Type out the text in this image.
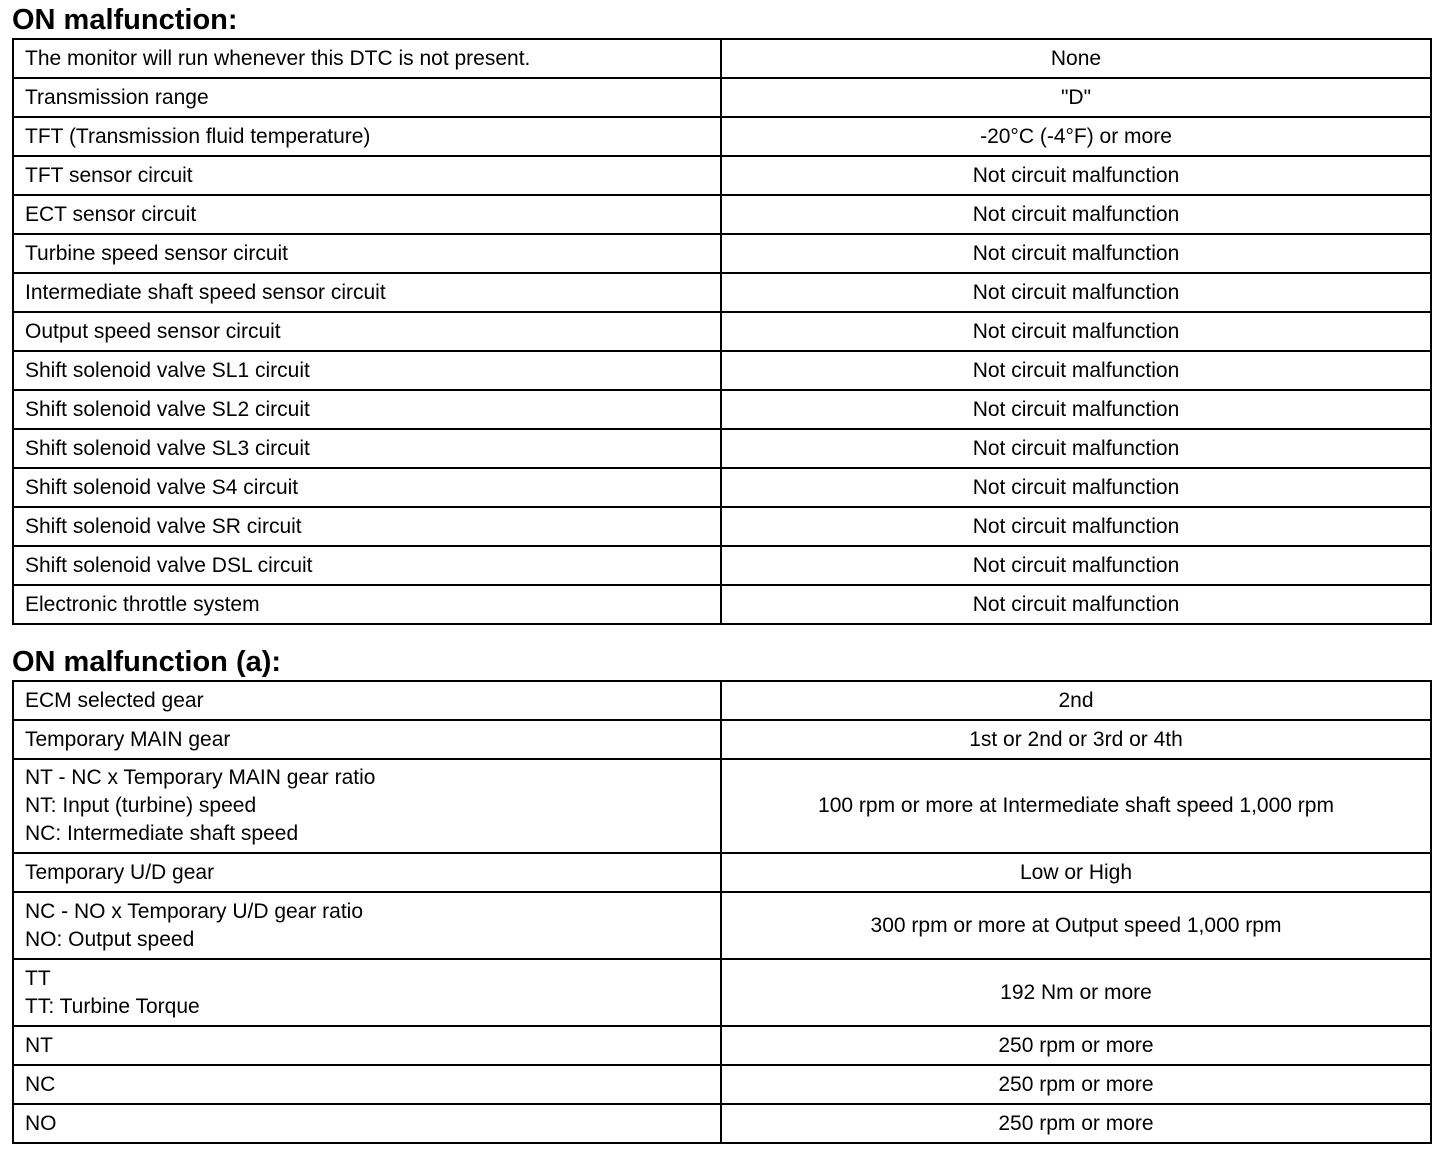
ON malfunction:
The monitor will run whenever this DTC is not present.	None

Transmission range	"D"

TFT (Transmission fluid temperature)	-20°C (-4°F) or more

TFT sensor circuit	Not circuit malfunction

ECT sensor circuit	Not circuit malfunction

Turbine speed sensor circuit	Not circuit malfunction

Intermediate shaft speed sensor circuit	Not circuit malfunction

Output speed sensor circuit	Not circuit malfunction

Shift solenoid valve SL1 circuit	Not circuit malfunction

Shift solenoid valve SL2 circuit	Not circuit malfunction

Shift solenoid valve SL3 circuit	Not circuit malfunction

Shift solenoid valve S4 circuit	Not circuit malfunction

Shift solenoid valve SR circuit	Not circuit malfunction

Shift solenoid valve DSL circuit	Not circuit malfunction

Electronic throttle system	Not circuit malfunction
ON malfunction (a):
ECM selected gear	2nd

Temporary MAIN gear	1st or 2nd or 3rd or 4th

NT - NC x Temporary MAIN gear ratio
NT: Input (turbine) speed
NC: Intermediate shaft speed	100 rpm or more at Intermediate shaft speed 1,000 rpm

Temporary U/D gear	Low or High

NC - NO x Temporary U/D gear ratio
NO: Output speed	300 rpm or more at Output speed 1,000 rpm

TT
TT: Turbine Torque	192 Nm or more

NT	250 rpm or more

NC	250 rpm or more

NO	250 rpm or more
